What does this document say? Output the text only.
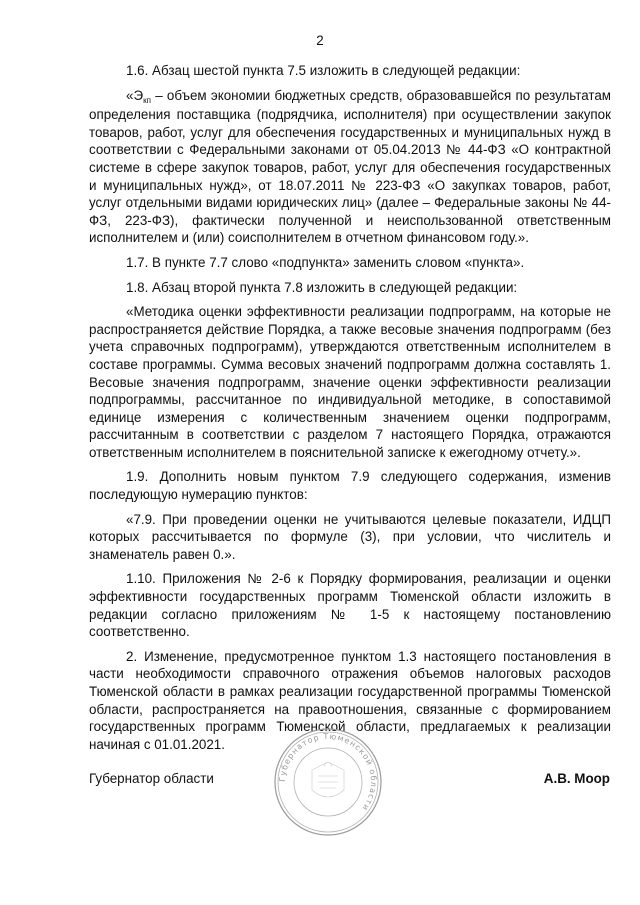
2

1.6. Абзац шестой пункта 7.5 изложить в следующей редакции:

«$Э_{кп}$ – объем экономии бюджетных средств, образовавшейся по результатам определения поставщика (подрядчика, исполнителя) при осуществлении закупок товаров, работ, услуг для обеспечения государственных и муниципальных нужд в соответствии с Федеральными законами от 05.04.2013 № 44-ФЗ «О контрактной системе в сфере закупок товаров, работ, услуг для обеспечения государственных и муниципальных нужд», от 18.07.2011 № 223-ФЗ «О закупках товаров, работ, услуг отдельными видами юридических лиц» (далее – Федеральные законы № 44-ФЗ, 223-ФЗ), фактически полученной и неиспользованной ответственным исполнителем и (или) соисполнителем в отчетном финансовом году.».

1.7. В пункте 7.7 слово «подпункта» заменить словом «пункта».

1.8. Абзац второй пункта 7.8 изложить в следующей редакции:

«Методика оценки эффективности реализации подпрограмм, на которые не распространяется действие Порядка, а также весовые значения подпрограмм (без учета справочных подпрограмм), утверждаются ответственным исполнителем в составе программы. Сумма весовых значений подпрограмм должна составлять 1. Весовые значения подпрограмм, значение оценки эффективности реализации подпрограммы, рассчитанное по индивидуальной методике, в сопоставимой единице измерения с количественным значением оценки подпрограмм, рассчитанным в соответствии с разделом 7 настоящего Порядка, отражаются ответственным исполнителем в пояснительной записке к ежегодному отчету.».

1.9. Дополнить новым пунктом 7.9 следующего содержания, изменив последующую нумерацию пунктов:

«7.9. При проведении оценки не учитываются целевые показатели, ИДЦП которых рассчитывается по формуле (3), при условии, что числитель и знаменатель равен 0.».

1.10. Приложения № 2-6 к Порядку формирования, реализации и оценки эффективности государственных программ Тюменской области изложить в редакции согласно приложениям № 1-5 к настоящему постановлению соответственно.

2. Изменение, предусмотренное пунктом 1.3 настоящего постановления в части необходимости справочного отражения объемов налоговых расходов Тюменской области в рамках реализации государственной программы Тюменской области, распространяется на правоотношения, связанные с формированием государственных программ Тюменской области, предлагаемых к реализации начиная с 01.01.2021.

Губернатор Тюменской области
Губернатор области	А.В. Моор
